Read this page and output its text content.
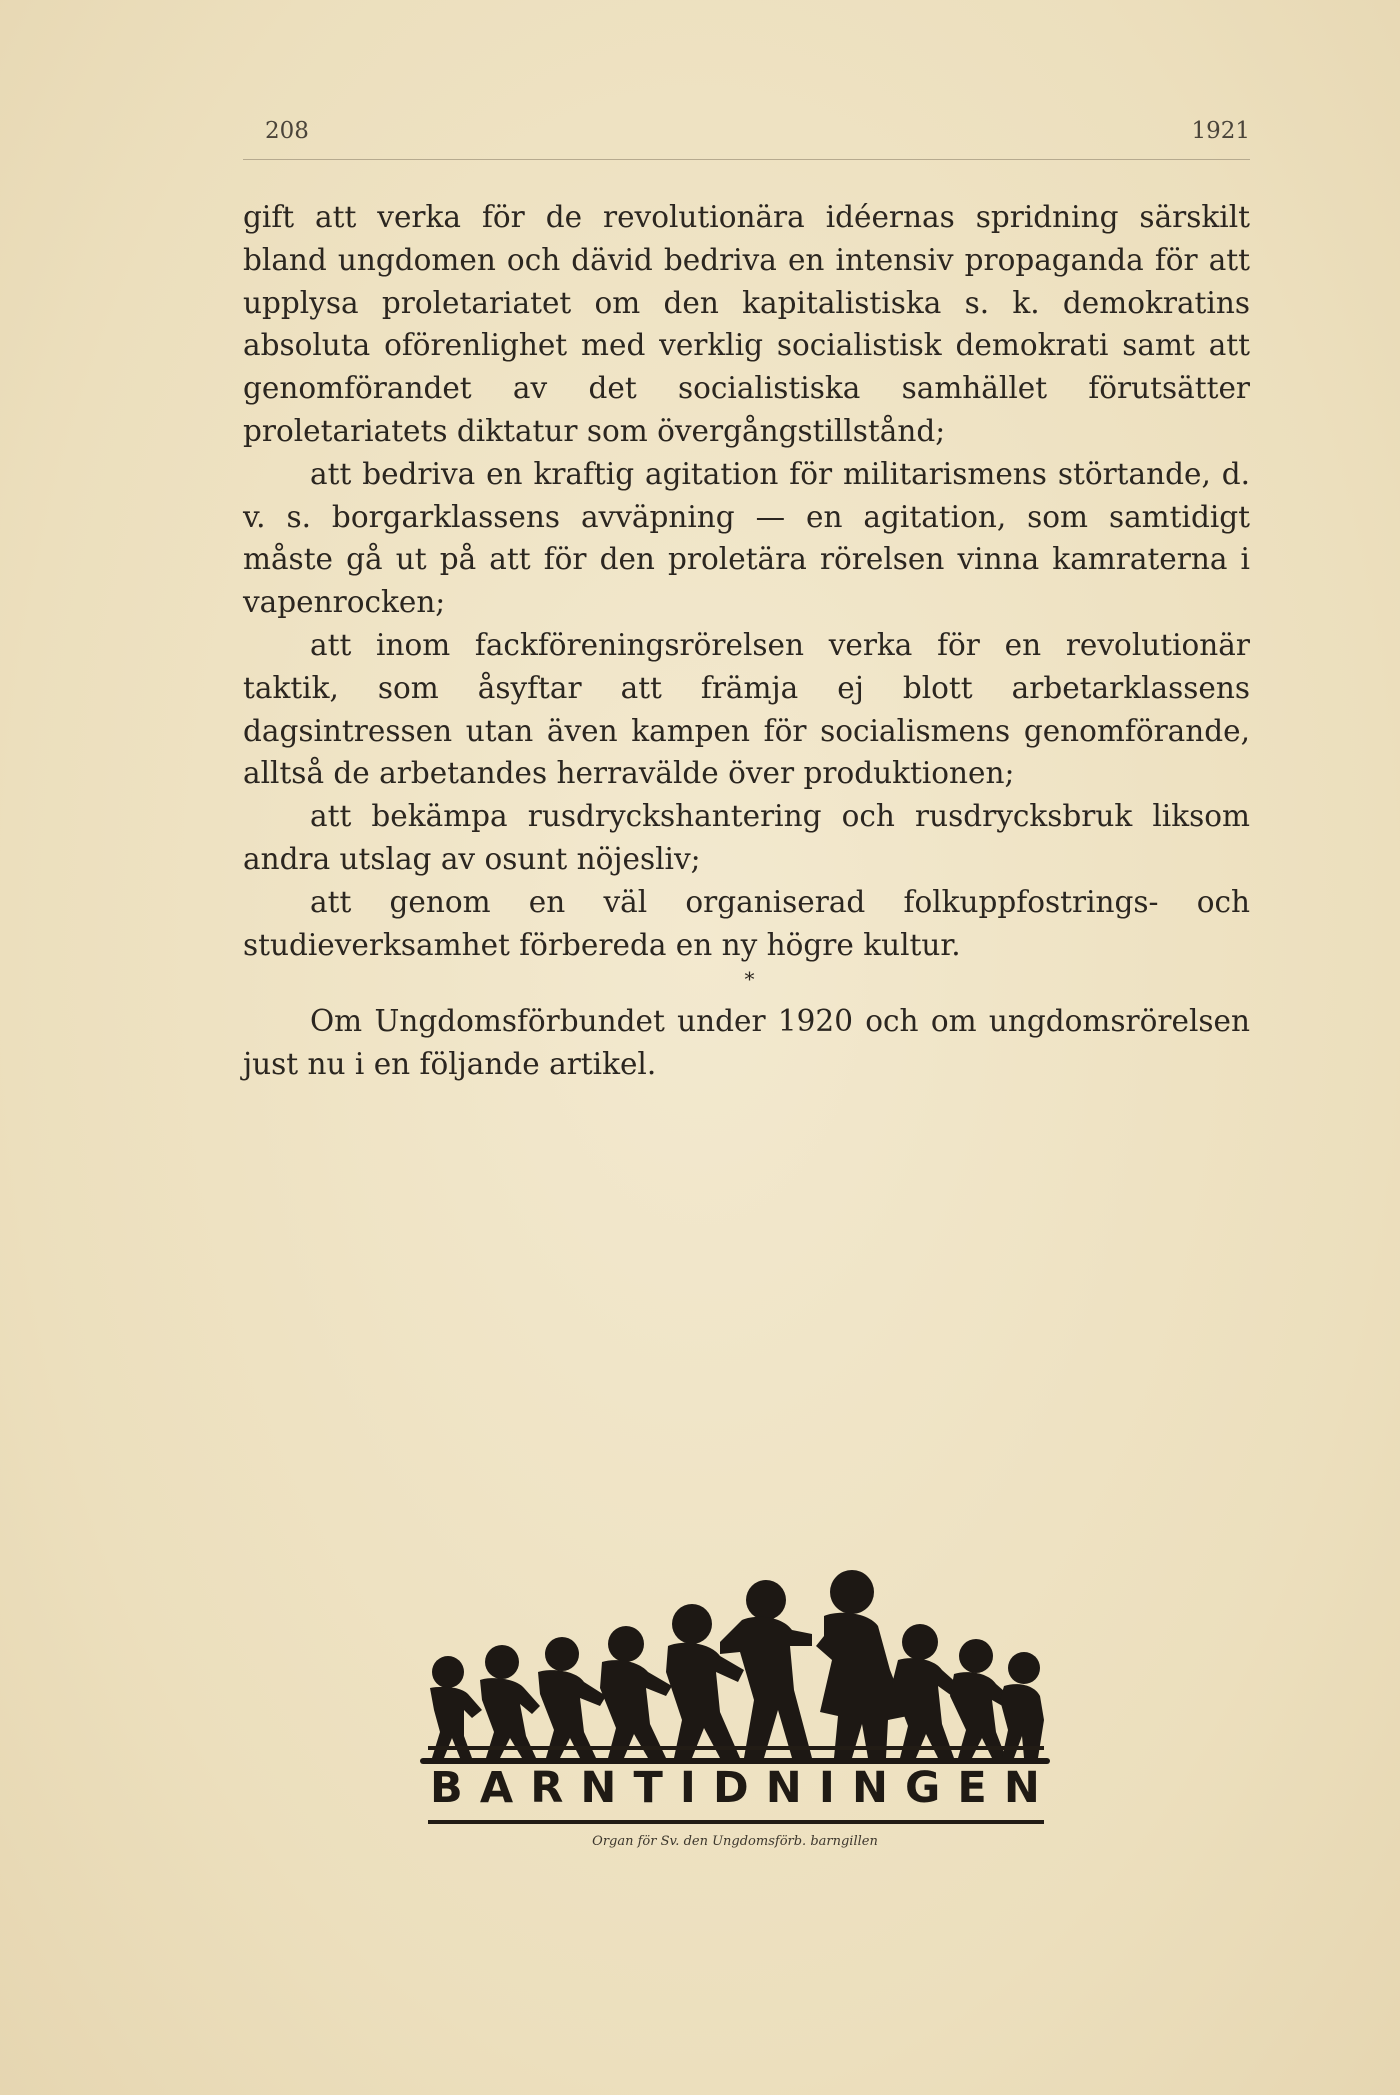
208	1921

gift att verka för de revolutionära idéernas spridning särskilt bland ungdomen och dävid bedriva en intensiv propaganda för att upplysa proletariatet om den kapitalistiska s. k. demokratins absoluta oförenlighet med verklig socialistisk demokrati samt att genomförandet av det socialistiska samhället förutsätter proletariatets diktatur som övergångstillstånd;

att bedriva en kraftig agitation för militarismens störtande, d. v. s. borgarklassens avväpning — en agitation, som samtidigt måste gå ut på att för den proletära rörelsen vinna kamraterna i vapenrocken;

att inom fackföreningsrörelsen verka för en revolutionär taktik, som åsyftar att främja ej blott arbetarklassens dagsintressen utan även kampen för socialismens genomförande, alltså de arbetandes herravälde över produktionen;

att bekämpa rusdryckshantering och rusdrycksbruk liksom andra utslag av osunt nöjesliv;

att genom en väl organiserad folkuppfostrings- och studieverksamhet förbereda en ny högre kultur.

*

Om Ungdomsförbundet under 1920 och om ungdomsrörelsen just nu i en följande artikel.

B A R N T I D N I N G E N
Organ för Sv. den Ungdomsförb. barngillen
